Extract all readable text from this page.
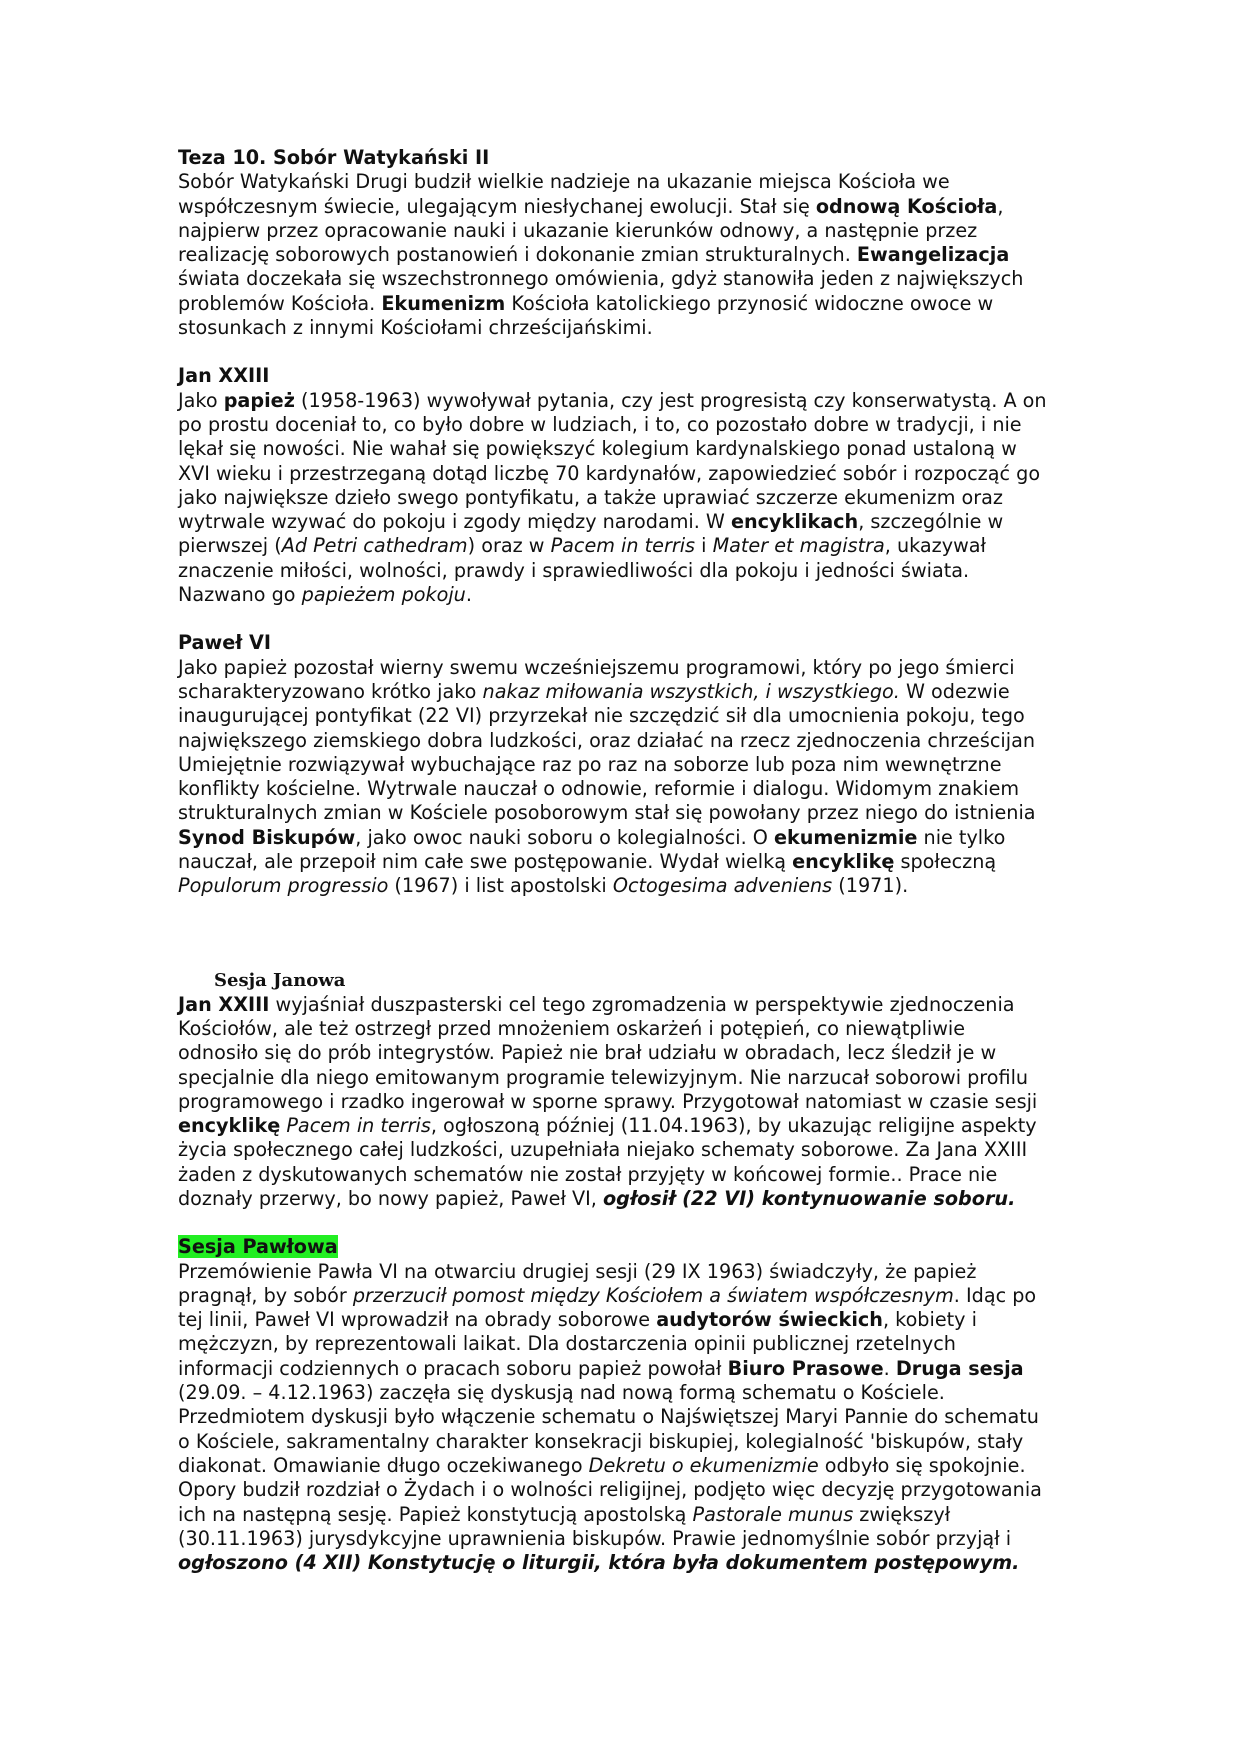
Teza 10. Sobór Watykański II
Sobór Watykański Drugi budził wielkie nadzieje na ukazanie miejsca Kościoła we
współczesnym świecie, ulegającym niesłychanej ewolucji. Stał się odnową Kościoła,
najpierw przez opracowanie nauki i ukazanie kierunków odnowy, a następnie przez
realizację soborowych postanowień i dokonanie zmian strukturalnych. Ewangelizacja
świata doczekała się wszechstronnego omówienia, gdyż stanowiła jeden z największych
problemów Kościoła. Ekumenizm Kościoła katolickiego przynosić widoczne owoce w
stosunkach z innymi Kościołami chrześcijańskimi.
Jan XXIII
Jako papież (1958-1963) wywoływał pytania, czy jest progresistą czy konserwatystą. A on
po prostu doceniał to, co było dobre w ludziach, i to, co pozostało dobre w tradycji, i nie
lękał się nowości. Nie wahał się powiększyć kolegium kardynalskiego ponad ustaloną w
XVI wieku i przestrzeganą dotąd liczbę 70 kardynałów, zapowiedzieć sobór i rozpocząć go
jako największe dzieło swego pontyfikatu, a także uprawiać szczerze ekumenizm oraz
wytrwale wzywać do pokoju i zgody między narodami. W encyklikach, szczególnie w
pierwszej (Ad Petri cathedram) oraz w Pacem in terris i Mater et magistra, ukazywał
znaczenie miłości, wolności, prawdy i sprawiedliwości dla pokoju i jedności świata.
Nazwano go papieżem pokoju.
Paweł VI
Jako papież pozostał wierny swemu wcześniejszemu programowi, który po jego śmierci
scharakteryzowano krótko jako nakaz miłowania wszystkich, i wszystkiego. W odezwie
inaugurującej pontyfikat (22 VI) przyrzekał nie szczędzić sił dla umocnienia pokoju, tego
największego ziemskiego dobra ludzkości, oraz działać na rzecz zjednoczenia chrześcijan
Umiejętnie rozwiązywał wybuchające raz po raz na soborze lub poza nim wewnętrzne
konflikty kościelne. Wytrwale nauczał o odnowie, reformie i dialogu. Widomym znakiem
strukturalnych zmian w Kościele posoborowym stał się powołany przez niego do istnienia
Synod Biskupów, jako owoc nauki soboru o kolegialności. O ekumenizmie nie tylko
nauczał, ale przepoił nim całe swe postępowanie. Wydał wielką encyklikę społeczną
Populorum progressio (1967) i list apostolski Octogesima adveniens (1971).
Sesja Janowa
Jan XXIII wyjaśniał duszpasterski cel tego zgromadzenia w perspektywie zjednoczenia
Kościołów, ale też ostrzegł przed mnożeniem oskarżeń i potępień, co niewątpliwie
odnosiło się do prób integrystów. Papież nie brał udziału w obradach, lecz śledził je w
specjalnie dla niego emitowanym programie telewizyjnym. Nie narzucał soborowi profilu
programowego i rzadko ingerował w sporne sprawy. Przygotował natomiast w czasie sesji
encyklikę Pacem in terris, ogłoszoną później (11.04.1963), by ukazując religijne aspekty
życia społecznego całej ludzkości, uzupełniała niejako schematy soborowe. Za Jana XXIII
żaden z dyskutowanych schematów nie został przyjęty w końcowej formie.. Prace nie
doznały przerwy, bo nowy papież, Paweł VI, ogłosił (22 VI) kontynuowanie soboru.
Sesja Pawłowa
Przemówienie Pawła VI na otwarciu drugiej sesji (29 IX 1963) świadczyły, że papież
pragnął, by sobór przerzucił pomost między Kościołem a światem współczesnym. Idąc po
tej linii, Paweł VI wprowadził na obrady soborowe audytorów świeckich, kobiety i
mężczyzn, by reprezentowali laikat. Dla dostarczenia opinii publicznej rzetelnych
informacji codziennych o pracach soboru papież powołał Biuro Prasowe. Druga sesja
(29.09. – 4.12.1963) zaczęła się dyskusją nad nową formą schematu o Kościele.
Przedmiotem dyskusji było włączenie schematu o Najświętszej Maryi Pannie do schematu
o Kościele, sakramentalny charakter konsekracji biskupiej, kolegialność 'biskupów, stały
diakonat. Omawianie długo oczekiwanego Dekretu o ekumenizmie odbyło się spokojnie.
Opory budził rozdział o Żydach i o wolności religijnej, podjęto więc decyzję przygotowania
ich na następną sesję. Papież konstytucją apostolską Pastorale munus zwiększył
(30.11.1963) jurysdykcyjne uprawnienia biskupów. Prawie jednomyślnie sobór przyjął i
ogłoszono (4 XII) Konstytucję o liturgii, która była dokumentem postępowym.
